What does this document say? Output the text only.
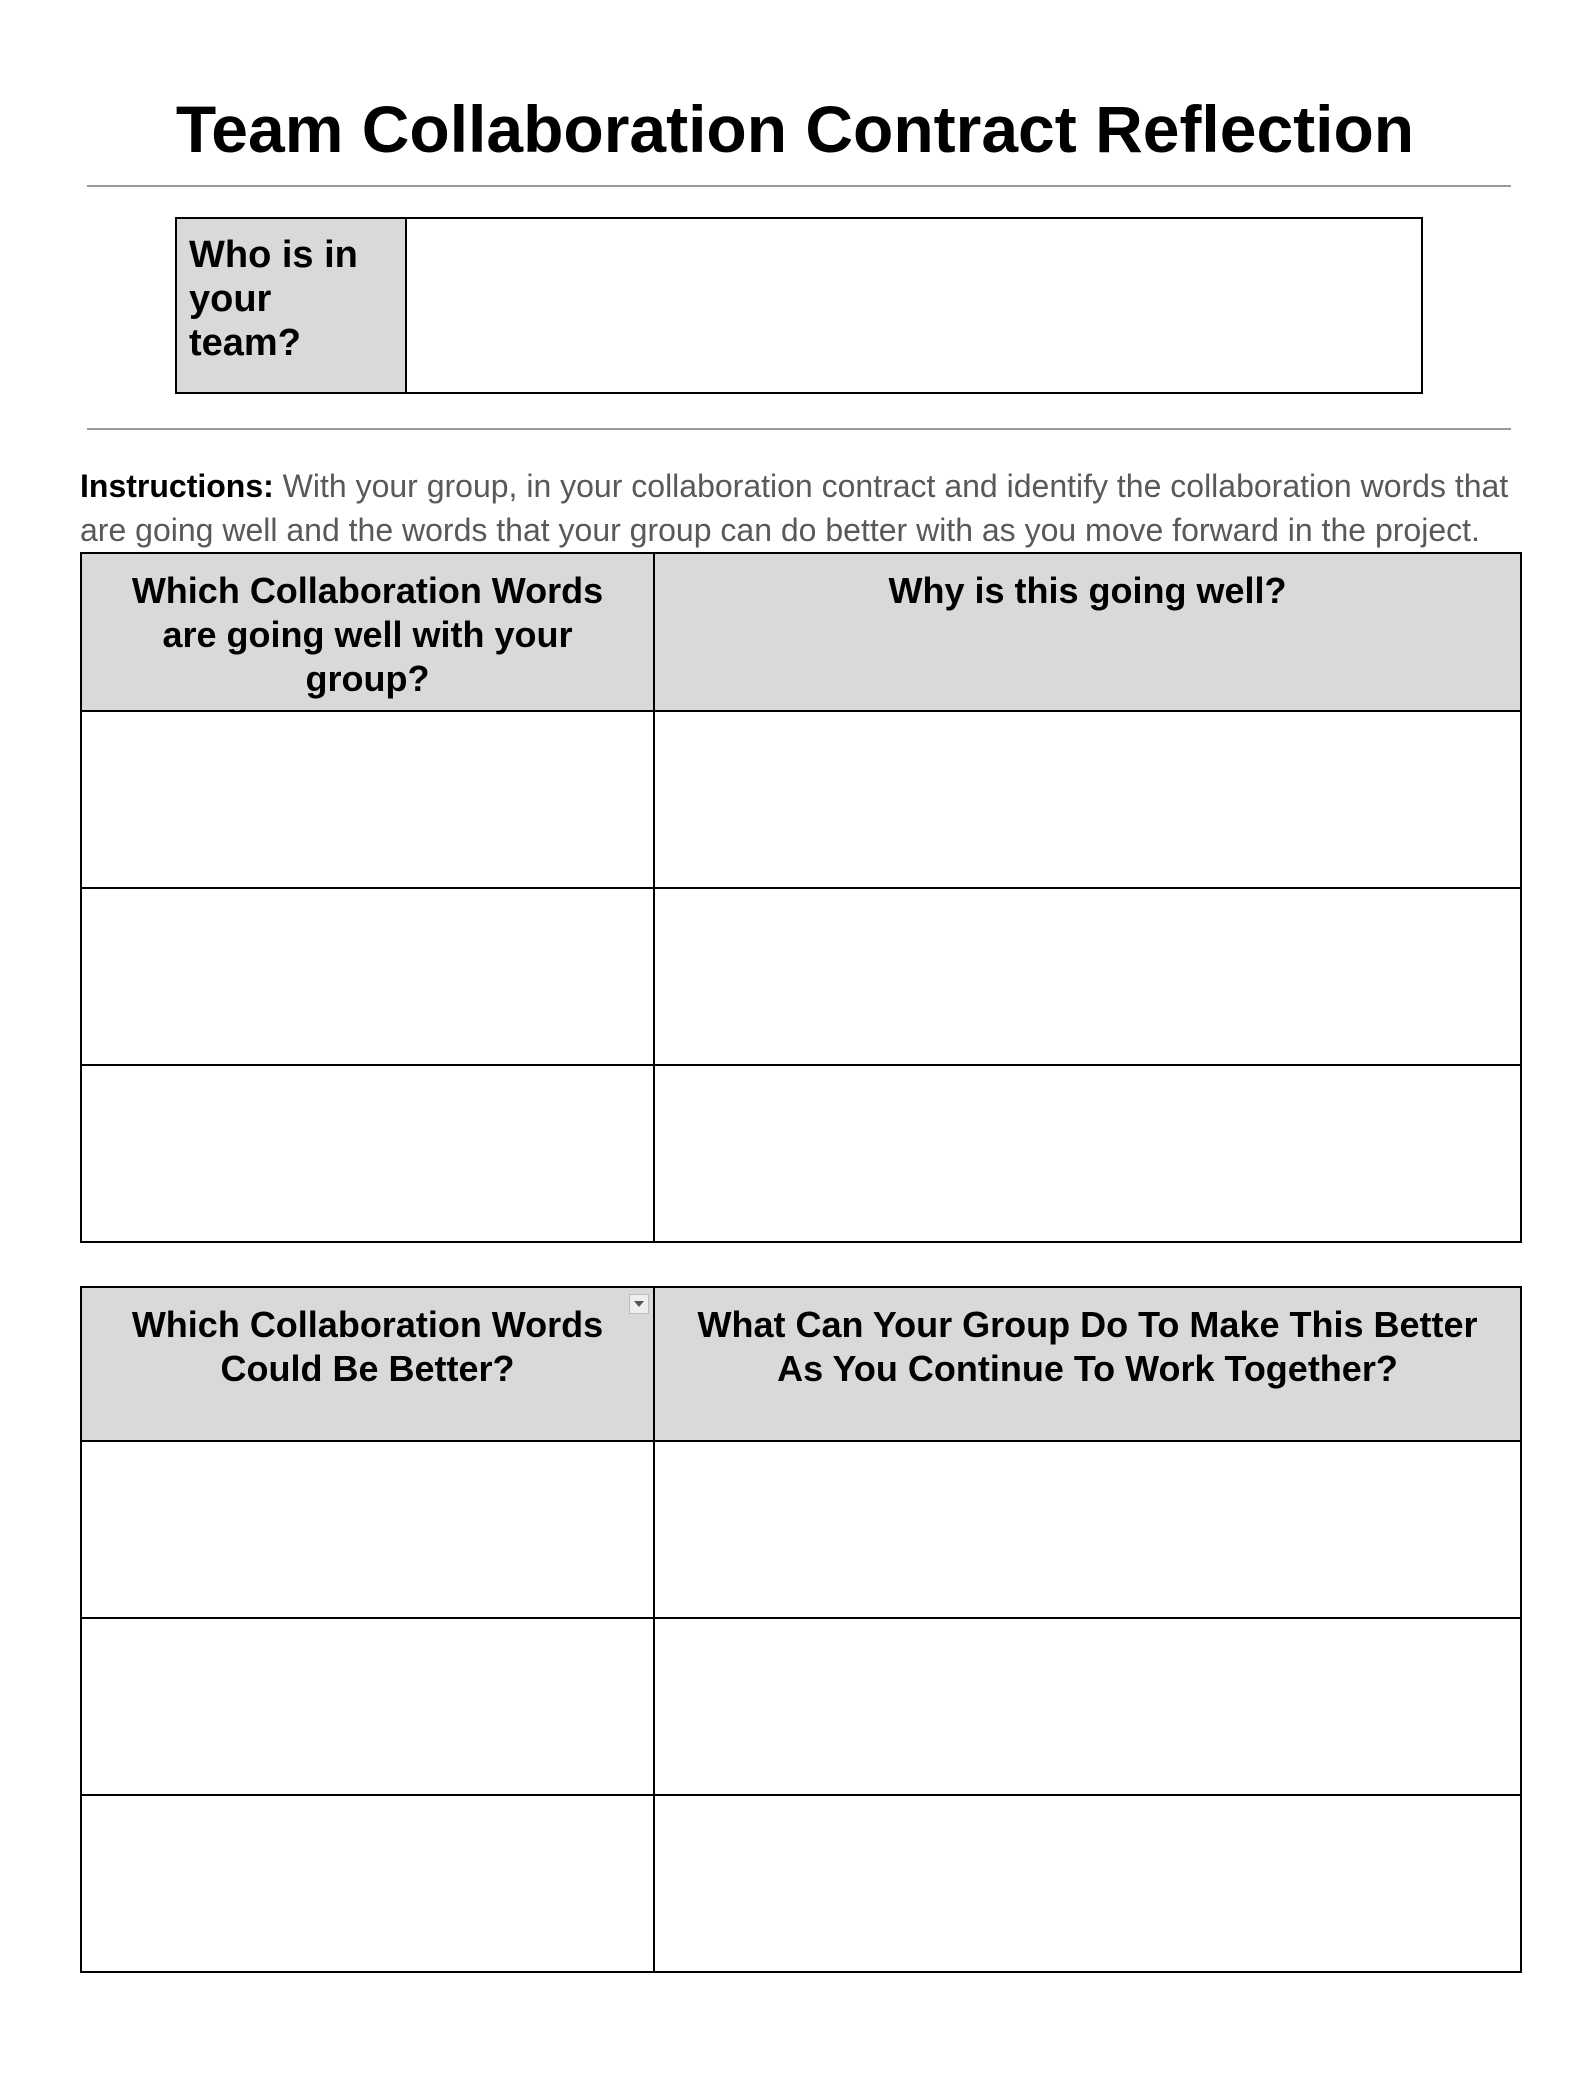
Team Collaboration Contract Reflection
Who is in your team?

Instructions: With your group, in your collaboration contract and identify the collaboration words that are going well and the words that your group can do better with as you move forward in the project.

Which Collaboration Words are going well with your group?	Why is this going well?

Which Collaboration Words Could Be Better?	What Can Your Group Do To Make This Better As You Continue To Work Together?
